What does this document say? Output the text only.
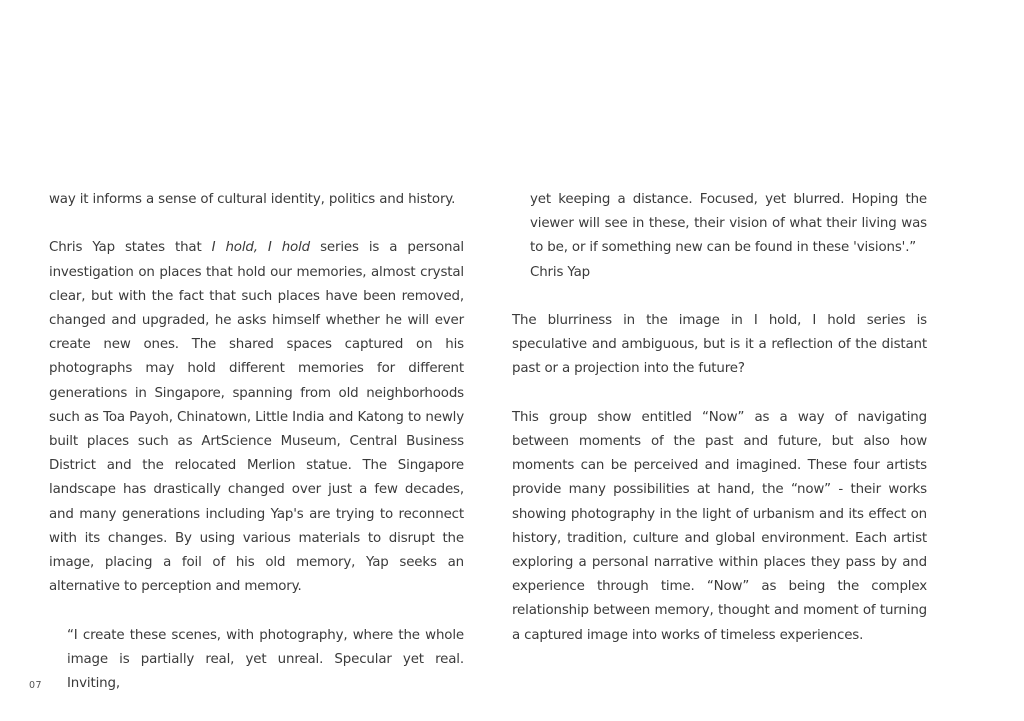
way it informs a sense of cultural identity, politics and history.

Chris Yap states that I hold, I hold series is a personal investigation on places that hold our memories, almost crystal clear, but with the fact that such places have been removed, changed and upgraded, he asks himself whether he will ever create new ones. The shared spaces captured on his photographs may hold different memories for different generations in Singapore, spanning from old neighborhoods such as Toa Payoh, Chinatown, Little India and Katong to newly built places such as ArtScience Museum, Central Business District and the relocated Merlion statue. The Singapore landscape has drastically changed over just a few decades, and many generations including Yap's are trying to reconnect with its changes. By using various materials to disrupt the image, placing a foil of his old memory, Yap seeks an alternative to perception and memory.

“I create these scenes, with photography, where the whole image is partially real, yet unreal. Specular yet real. Inviting,

yet keeping a distance. Focused, yet blurred. Hoping the viewer will see in these, their vision of what their living was to be, or if something new can be found in these 'visions'.”

Chris Yap

The blurriness in the image in I hold, I hold series is speculative and ambiguous, but is it a reflection of the distant past or a projection into the future?

This group show entitled “Now” as a way of navigating between moments of the past and future, but also how moments can be perceived and imagined. These four artists provide many possibilities at hand, the “now” - their works showing photography in the light of urbanism and its effect on history, tradition, culture and global environment. Each artist exploring a personal narrative within places they pass by and experience through time. “Now” as being the complex relationship between memory, thought and moment of turning a captured image into works of timeless experiences.

07
